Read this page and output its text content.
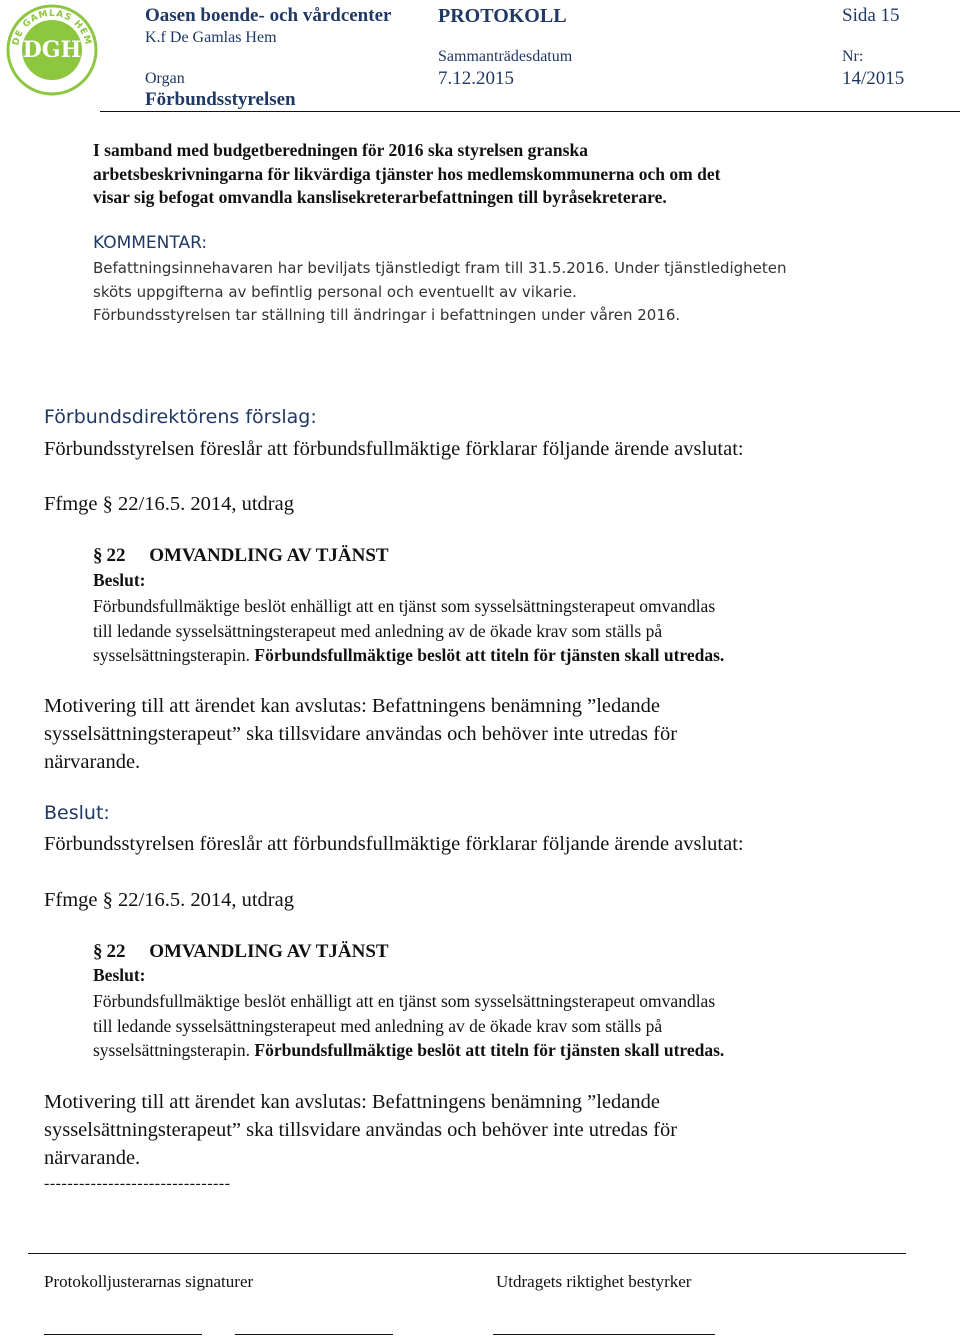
DE GAMLAS HEM
OMALA
DGH
Oasen boende- och vårdcenter
K.f De Gamlas Hem
Organ
Förbundsstyrelsen
PROTOKOLL
Sammanträdesdatum
7.12.2015
Sida 15
Nr:
14/2015
I samband med budgetberedningen för 2016 ska styrelsen granska
arbetsbeskrivningarna för likvärdiga tjänster hos medlemskommunerna och om det
visar sig befogat omvandla kanslisekreterarbefattningen till byråsekreterare.
KOMMENTAR:
Befattningsinnehavaren har beviljats tjänstledigt fram till 31.5.2016. Under tjänstledigheten
sköts uppgifterna av befintlig personal och eventuellt av vikarie.
Förbundsstyrelsen tar ställning till ändringar i befattningen under våren 2016.
Förbundsdirektörens förslag:
Förbundsstyrelsen föreslår att förbundsfullmäktige förklarar följande ärende avslutat:
Ffmge § 22/16.5. 2014, utdrag
§ 22     OMVANDLING AV TJÄNST
Beslut:
Förbundsfullmäktige beslöt enhälligt att en tjänst som sysselsättningsterapeut omvandlas
till ledande sysselsättningsterapeut med anledning av de ökade krav som ställs på
sysselsättningsterapin. Förbundsfullmäktige beslöt att titeln för tjänsten skall utredas.
Motivering till att ärendet kan avslutas: Befattningens benämning ”ledande
sysselsättningsterapeut” ska tillsvidare användas och behöver inte utredas för
närvarande.
Beslut:
Förbundsstyrelsen föreslår att förbundsfullmäktige förklarar följande ärende avslutat:
Ffmge § 22/16.5. 2014, utdrag
§ 22     OMVANDLING AV TJÄNST
Beslut:
Förbundsfullmäktige beslöt enhälligt att en tjänst som sysselsättningsterapeut omvandlas
till ledande sysselsättningsterapeut med anledning av de ökade krav som ställs på
sysselsättningsterapin. Förbundsfullmäktige beslöt att titeln för tjänsten skall utredas.
Motivering till att ärendet kan avslutas: Befattningens benämning ”ledande
sysselsättningsterapeut” ska tillsvidare användas och behöver inte utredas för
närvarande.
--------------------------------
Protokolljusterarnas signaturer	Utdragets riktighet bestyrker
